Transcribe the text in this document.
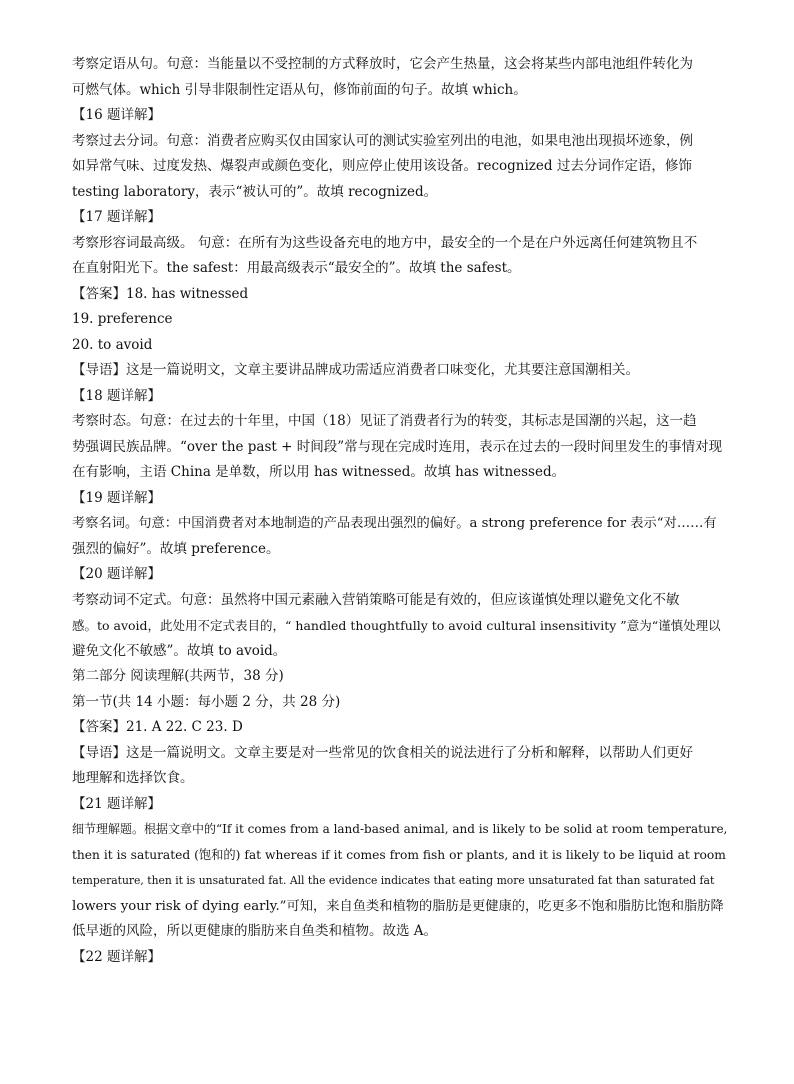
考察定语从句。句意：当能量以不受控制的方式释放时，它会产生热量，这会将某些内部电池组件转化为
可燃气体。which 引导非限制性定语从句，修饰前面的句子。故填 which。
【16 题详解】
考察过去分词。句意：消费者应购买仅由国家认可的测试实验室列出的电池，如果电池出现损坏迹象，例
如异常气味、过度发热、爆裂声或颜色变化，则应停止使用该设备。recognized 过去分词作定语，修饰
testing laboratory，表示“被认可的”。故填 recognized。
【17 题详解】
考察形容词最高级。 句意：在所有为这些设备充电的地方中，最安全的一个是在户外远离任何建筑物且不
在直射阳光下。the safest：用最高级表示“最安全的”。故填 the safest。
【答案】18. has witnessed
19. preference
20. to avoid
【导语】这是一篇说明文，文章主要讲品牌成功需适应消费者口味变化，尤其要注意国潮相关。
【18 题详解】
考察时态。句意：在过去的十年里，中国（18）见证了消费者行为的转变，其标志是国潮的兴起，这一趋
势强调民族品牌。“over the past + 时间段”常与现在完成时连用，表示在过去的一段时间里发生的事情对现
在有影响，主语 China 是单数，所以用 has witnessed。故填 has witnessed。
【19 题详解】
考察名词。句意：中国消费者对本地制造的产品表现出强烈的偏好。a strong preference for 表示“对……有
强烈的偏好”。故填 preference。
【20 题详解】
考察动词不定式。句意：虽然将中国元素融入营销策略可能是有效的，但应该谨慎处理以避免文化不敏
感。to avoid，此处用不定式表目的，“ handled thoughtfully to avoid cultural insensitivity ”意为“谨慎处理以
避免文化不敏感”。故填 to avoid。
第二部分 阅读理解(共两节，38 分)
第一节(共 14 小题：每小题 2 分，共 28 分)
【答案】21. A 22. C 23. D
【导语】这是一篇说明文。文章主要是对一些常见的饮食相关的说法进行了分析和解释，以帮助人们更好
地理解和选择饮食。
【21 题详解】
细节理解题。根据文章中的“If it comes from a land-based animal, and is likely to be solid at room temperature,
then it is saturated (饱和的) fat whereas if it comes from fish or plants, and it is likely to be liquid at room
temperature, then it is unsaturated fat. All the evidence indicates that eating more unsaturated fat than saturated fat
lowers your risk of dying early.”可知，来自鱼类和植物的脂肪是更健康的，吃更多不饱和脂肪比饱和脂肪降
低早逝的风险，所以更健康的脂肪来自鱼类和植物。故选 A。
【22 题详解】
